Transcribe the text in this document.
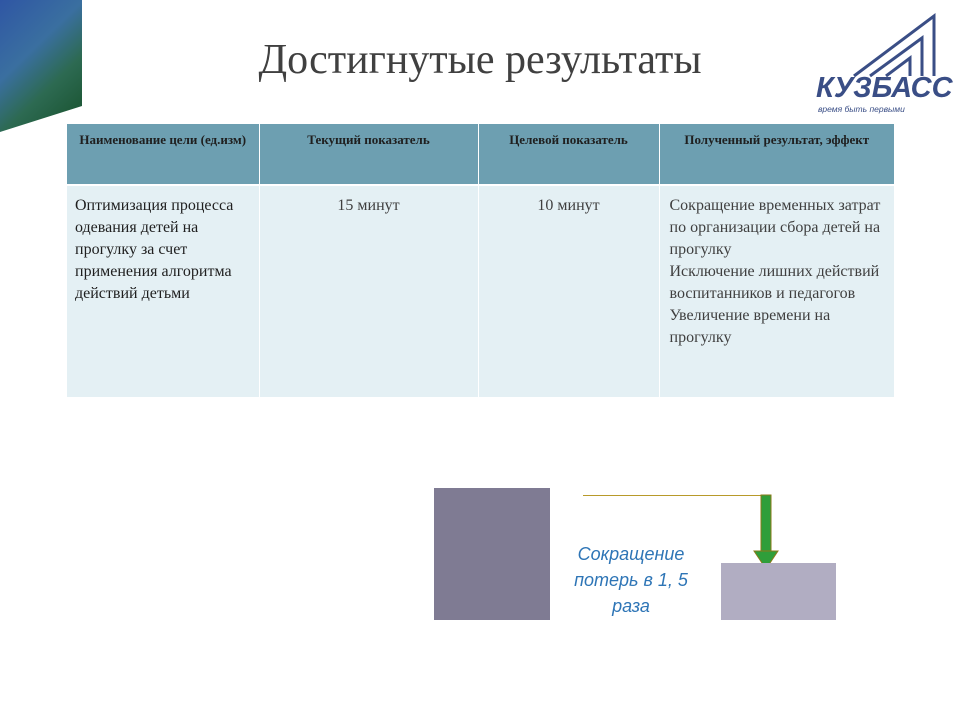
Достигнутые результаты
КУЗБАСС
время быть первыми
Наименование цели (ед.изм)	Текущий показатель	Целевой показатель	Полученный результат, эффект
Оптимизация процесса одевания детей на прогулку за счет применения алгоритма действий детьми	15 минут	10 минут	Сокращение временных затрат по организации сбора детей на прогулку
Исключение лишних действий воспитанников и педагогов
Увеличение времени на прогулку
Сокращение потерь в 1, 5 раза
